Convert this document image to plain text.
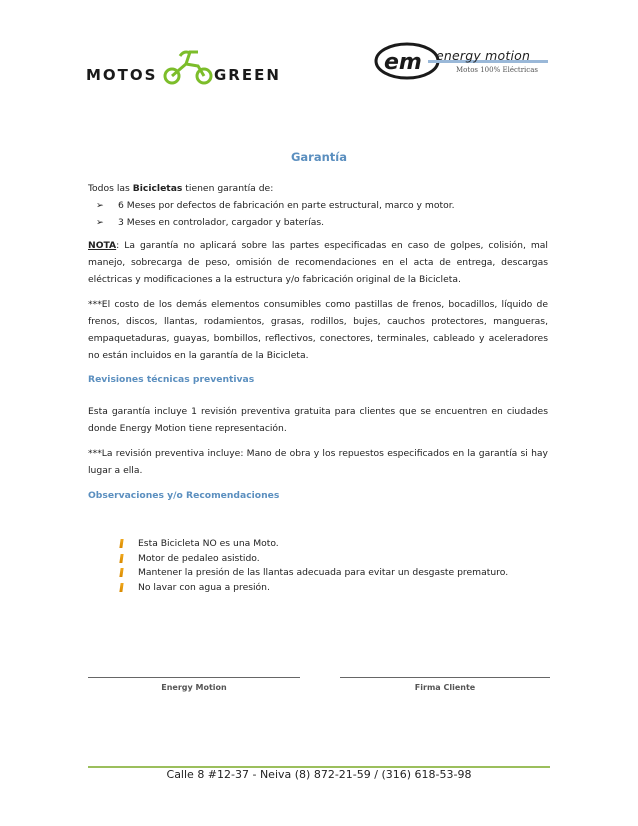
MOTOS	GREEN	em energy motion
Motos 100% Eléctricas
Garantía
Todos las Bicicletas tienen garantía de:
➢ 6 Meses por defectos de fabricación en parte estructural, marco y motor.
➢ 3 Meses en controlador, cargador y baterías.
NOTA: La garantía no aplicará sobre las partes especificadas en caso de golpes, colisión, mal manejo, sobrecarga de peso, omisión de recomendaciones en el acta de entrega, descargas eléctricas y modificaciones a la estructura y/o fabricación original de la Bicicleta.
***El costo de los demás elementos consumibles como pastillas de frenos, bocadillos, líquido de frenos, discos, llantas, rodamientos, grasas, rodillos, bujes, cauchos protectores, mangueras, empaquetaduras, guayas, bombillos, reflectivos, conectores, terminales, cableado y aceleradores no están incluidos en la garantía de la Bicicleta.
Revisiones técnicas preventivas
Esta garantía incluye 1 revisión preventiva gratuita para clientes que se encuentren en ciudades donde Energy Motion tiene representación.
***La revisión preventiva incluye: Mano de obra y los repuestos especificados en la garantía si hay lugar a ella.
Observaciones y/o Recomendaciones
Esta Bicicleta NO es una Moto.
Motor de pedaleo asistido.
Mantener la presión de las llantas adecuada para evitar un desgaste prematuro.
No lavar con agua a presión.
Energy Motion	Firma Cliente
Calle 8 #12-37 - Neiva (8) 872-21-59 / (316) 618-53-98
